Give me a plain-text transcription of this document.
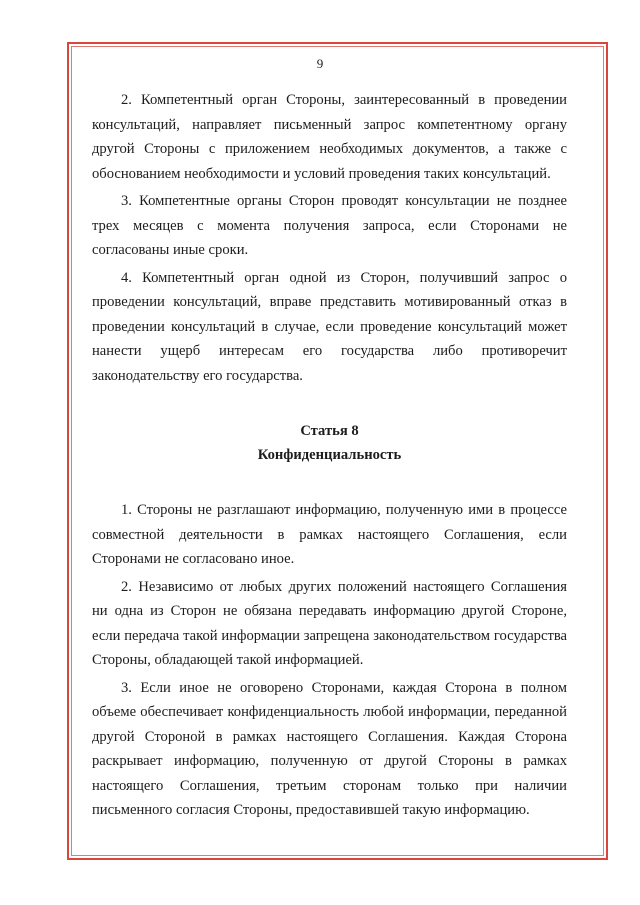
9

2. Компетентный орган Стороны, заинтересованный в проведении консультаций, направляет письменный запрос компетентному органу другой Стороны с приложением необходимых документов, а также с обоснованием необходимости и условий проведения таких консультаций.

3. Компетентные органы Сторон проводят консультации не позднее трех месяцев с момента получения запроса, если Сторонами не согласованы иные сроки.

4. Компетентный орган одной из Сторон, получивший запрос о проведении консультаций, вправе представить мотивированный отказ в проведении консультаций в случае, если проведение консультаций может нанести ущерб интересам его государства либо противоречит законодательству его государства.

Статья 8
Конфиденциальность

1. Стороны не разглашают информацию, полученную ими в процессе совместной деятельности в рамках настоящего Соглашения, если Сторонами не согласовано иное.

2. Независимо от любых других положений настоящего Соглашения ни одна из Сторон не обязана передавать информацию другой Стороне, если передача такой информации запрещена законодательством государства Стороны, обладающей такой информацией.

3. Если иное не оговорено Сторонами, каждая Сторона в полном объеме обеспечивает конфиденциальность любой информации, переданной другой Стороной в рамках настоящего Соглашения. Каждая Сторона раскрывает информацию, полученную от другой Стороны в рамках настоящего Соглашения, третьим сторонам только при наличии письменного согласия Стороны, предоставившей такую информацию.
